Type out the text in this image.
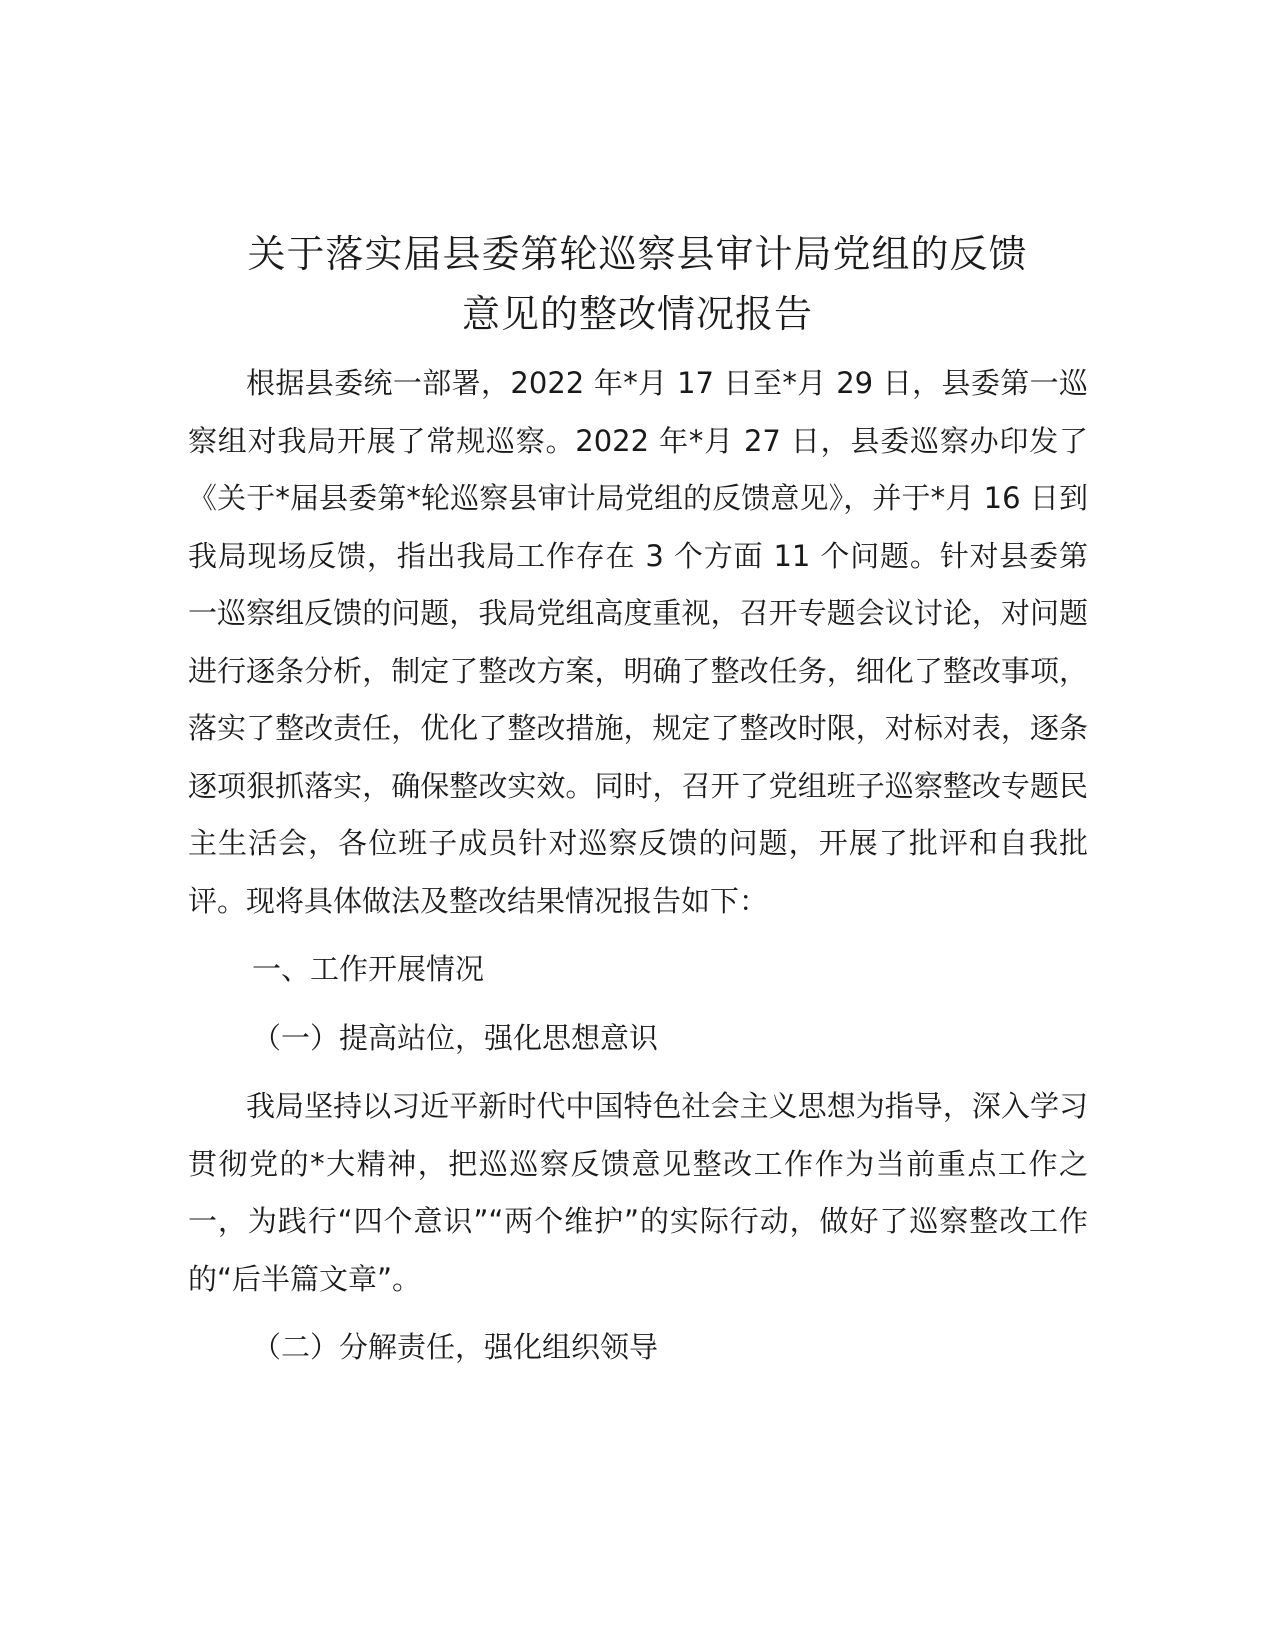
关于落实届县委第轮巡察县审计局党组的反馈
意见的整改情况报告

根据县委统一部署，2022 年*月 17 日至*月 29 日，县委第一巡察组对我局开展了常规巡察。2022 年*月 27 日，县委巡察办印发了《关于*届县委第*轮巡察县审计局党组的反馈意见》，并于*月 16 日到我局现场反馈，指出我局工作存在 3 个方面 11 个问题。针对县委第一巡察组反馈的问题，我局党组高度重视，召开专题会议讨论，对问题进行逐条分析，制定了整改方案，明确了整改任务，细化了整改事项，落实了整改责任，优化了整改措施，规定了整改时限，对标对表，逐条逐项狠抓落实，确保整改实效。同时，召开了党组班子巡察整改专题民主生活会，各位班子成员针对巡察反馈的问题，开展了批评和自我批评。现将具体做法及整改结果情况报告如下：

一、工作开展情况

（一）提高站位，强化思想意识

我局坚持以习近平新时代中国特色社会主义思想为指导，深入学习贯彻党的*大精神，把巡巡察反馈意见整改工作作为当前重点工作之一，为践行“四个意识”“两个维护”的实际行动，做好了巡察整改工作的“后半篇文章”。

（二）分解责任，强化组织领导
